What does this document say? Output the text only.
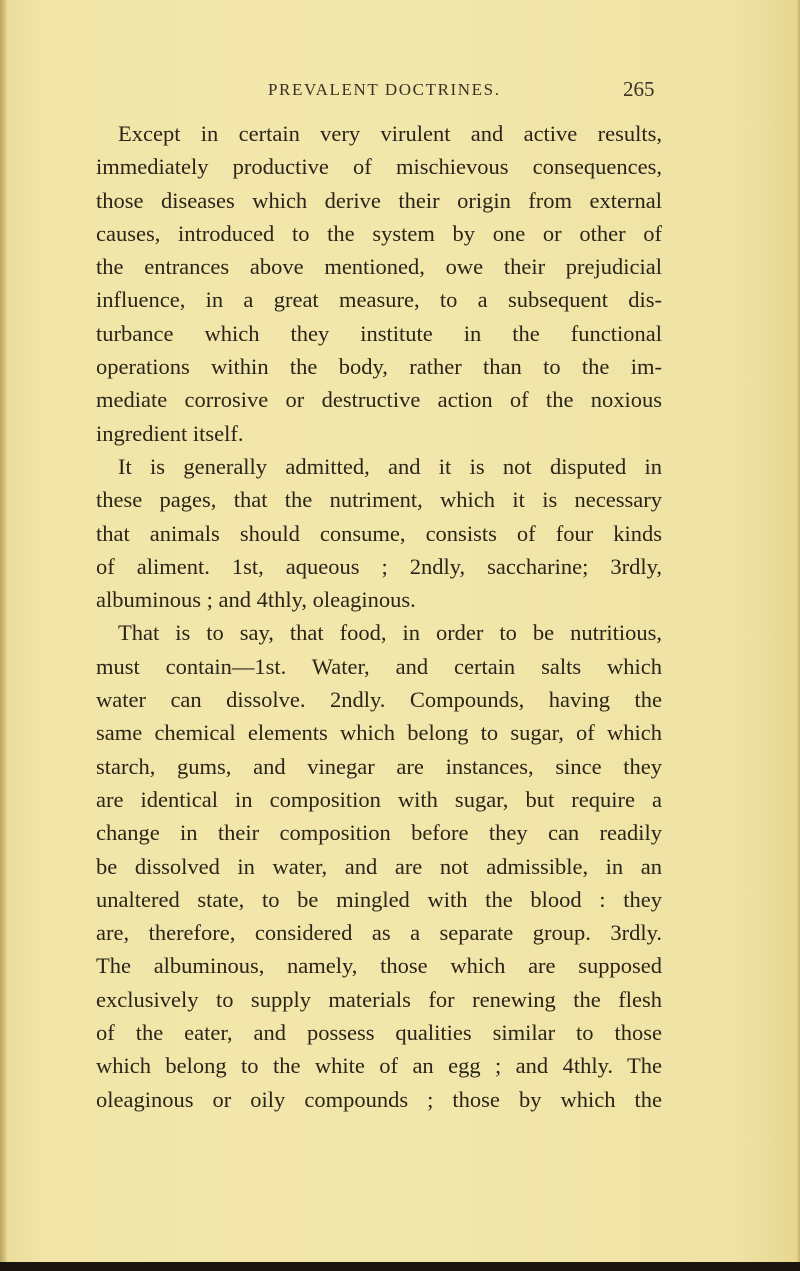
PREVALENT DOCTRINES.	265
Except in certain very virulent and active results,
immediately productive of mischievous consequences,
those diseases which derive their origin from external
causes, introduced to the system by one or other of
the entrances above mentioned, owe their prejudicial
influence, in a great measure, to a subsequent dis-
turbance which they institute in the functional
operations within the body, rather than to the im-
mediate corrosive or destructive action of the noxious
ingredient itself.
It is generally admitted, and it is not disputed in
these pages, that the nutriment, which it is necessary
that animals should consume, consists of four kinds
of aliment. 1st, aqueous ; 2ndly, saccharine; 3rdly,
albuminous ; and 4thly, oleaginous.
That is to say, that food, in order to be nutritious,
must contain—1st. Water, and certain salts which
water can dissolve. 2ndly. Compounds, having the
same chemical elements which belong to sugar, of which
starch, gums, and vinegar are instances, since they
are identical in composition with sugar, but require a
change in their composition before they can readily
be dissolved in water, and are not admissible, in an
unaltered state, to be mingled with the blood : they
are, therefore, considered as a separate group. 3rdly.
The albuminous, namely, those which are supposed
exclusively to supply materials for renewing the flesh
of the eater, and possess qualities similar to those
which belong to the white of an egg ; and 4thly. The
oleaginous or oily compounds ; those by which the
